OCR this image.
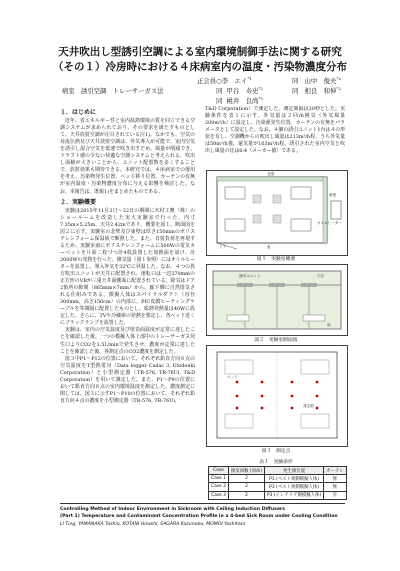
天井吹出し型誘引空調による室内環境制御手法に関する研究
（その１）冷房時における４床病室内の温度・汚染物濃度分布
正会員○李　エイ$^{*1}$	同 山中　俊夫$^{*2}$
同 甲谷　寿史$^{*2}$	同 相良　和伸$^{*2}$
同 桃井　良尚$^{*3}$
病室 誘引空調 トレーサーガス法
１．はじめに

近年、省エネルギー性と室内温熱環境の質を同立できる空調システムが求められており、その要求を満たすものとして、天井放射空調が注目されている注1)。なかでも、空気の対流伝熱及び天井放射空調は、外気導入が可能で、室内空気を誘引し混合空気を低速で吹き出すため、風量が削減でき、ドラフト感の少ない快適な空調システムと考えられる。吹出し面積が大きいことから、ユニット配置数を多くすることで、放射効果も期待できる。本研究では、４床病室での運用を考え、汚染物発生位置、ベッド移り位置、カーテンの有無が室内温度・汚染物濃度分布に与える影響を検討した。なお、本報告は、既報1)をまとめたものである。

２．実験概要

実験は2015年11月2日～22日の期間に木村工務（株）のショールームを改造した実大実験室で行った。内寸7.35m×5.25m、天井2.42mであり、概要を図１、断面図を図２に示す。実験室の北壁及び東壁は厚さ150mmのポリスチレンフォーム保温板で断熱した。また、日射負荷を再現するため、実験室南にポリスチレンフォームに500Wの電気カーペットを片面二枚づつ計4枚設置した加熱面を設け、計2000Wの発熱を行った。換気量（図１参照）にはオイルヒーターを設置し、導入外気を32℃に昇温した。なお、４つの異方吹出ユニットが天井に配置され、運転口は一辺270mmの正方形のVBが三重天井面側面に配置されている。除気はドア2箇所の隙間（865mm×7mm）から、廊下側に自然排気される仕組みである。模擬人体はスパイラルダクト（直径300mm、高さ150cm）の内部に、PIC皮膜ヒーティングケーブルを等間隔に配置したものとし、総熱発熱量は40Wに設定した。さらに、TVや冷蔵庫の発熱を想定し、各ベッド近くにブラックランプを設置した。

実験は、室内の空気温度及び壁表面温度が定常に達したことを確認した後、一つの模擬人体上部中のトレーサーガス発生口よりCO2を1.5L/minで発生させ、濃度が定常に達したことを確認した後、各測定点のCO2濃度を測定した。

図３中P1～P12の位置において、それぞれ鉛直方向８点の空気温度をT型熱電対（Data logger Cadac 3, Etodenki Corporation）と小型測定器（TR-576, TR-76Ui, T&D Corporation）を用いて測定した。また、P1～P9の位置において鉛直方向８点の室内環境温度を測定した。濃度測定に関しては、図３に示すP1～P10の位置において、それぞれ鉛直方向４点の濃度を小型測定器（TR-576, TR-76Ui,

T&D Corporation）で測定した。測定間隔は30秒とした。実験条件を表１に示す。外気量は２回/h換気（外気風量200m³/h）に設定し、汚染源発生位置、カーテンの有無をパラメータとして設定した。なお、４個の誘引ユニット1台は４の形状を有し、空調機からの吹出し風量は213m³/h程、うち外気量は50m³/h強。還気量が163m³/h程、誘引された室内空気と吹出し風量の比は6:4（メーカー値）である。

北壁
東壁
オイルヒーター
ドア	窓
図１　実験室概要
誘引ユニット	天井
床
図２　実験室断面図
ベッド
発生源
図３　測定点
表１　実験条件
Case	換気回数 (回/h)	発生源位置	カーテン
Case 1	2	P1 (ベスト奥側模擬人体)	無
Case 2	2	P3 (ベスト奥側模擬人体)	無
Case 3	2	P3 (インテリア側模擬人体)	有
Controlling Method of Indoor Environment in Sickroom with Ceiling Induction Diffusers
(Part 1) Temperature and Contaminant Concentration Profile in a 4-bed Sick Room under Cooling Condition
LI Ting, YAMANAKA Toshio, KOTANI Hisashi, SAGARA Kazunobu, MOMOI Yoshihisa
